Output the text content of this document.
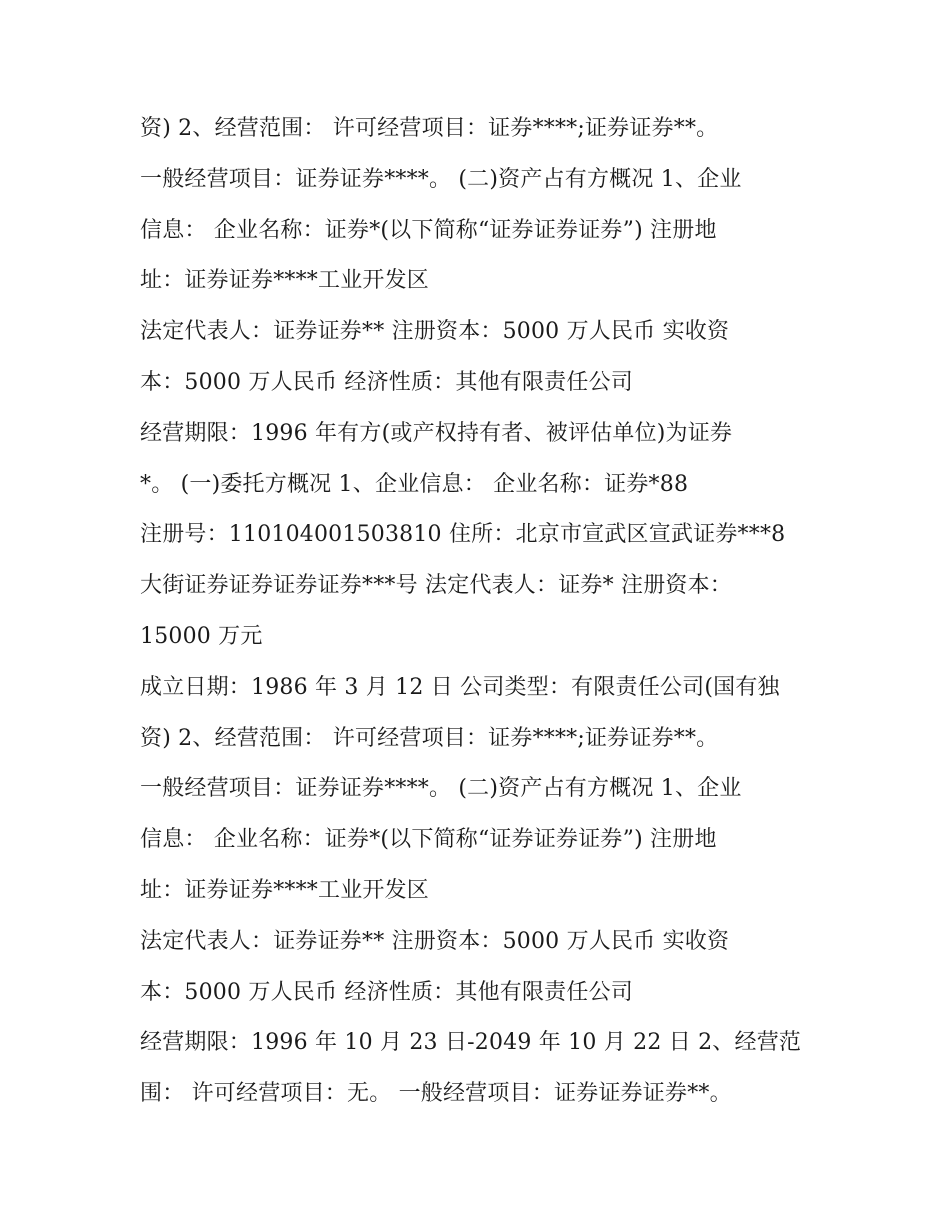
资) 2、经营范围： 许可经营项目：证券****;证券证券**。
一般经营项目：证券证券****。 (二)资产占有方概况 1、企业
信息： 企业名称：证券*(以下简称“证券证券证券”) 注册地
址：证券证券****工业开发区
法定代表人：证券证券** 注册资本：5000 万人民币 实收资
本：5000 万人民币 经济性质：其他有限责任公司
经营期限：1996 年有方(或产权持有者、被评估单位)为证券
*。 (一)委托方概况 1、企业信息： 企业名称：证券*88
注册号：110104001503810 住所：北京市宣武区宣武证券***8
大街证券证券证券证券***号 法定代表人：证券* 注册资本：
15000 万元
成立日期：1986 年 3 月 12 日 公司类型：有限责任公司(国有独
资) 2、经营范围： 许可经营项目：证券****;证券证券**。
一般经营项目：证券证券****。 (二)资产占有方概况 1、企业
信息： 企业名称：证券*(以下简称“证券证券证券”) 注册地
址：证券证券****工业开发区
法定代表人：证券证券** 注册资本：5000 万人民币 实收资
本：5000 万人民币 经济性质：其他有限责任公司
经营期限：1996 年 10 月 23 日-2049 年 10 月 22 日 2、经营范
围： 许可经营项目：无。 一般经营项目：证券证券证券**。
